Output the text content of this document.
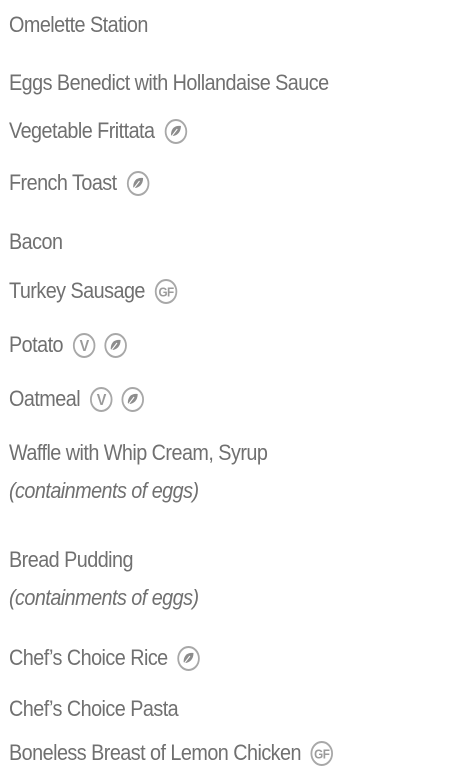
Omelette Station
Eggs Benedict with Hollandaise Sauce
Vegetable Frittata
French Toast
Bacon
Turkey Sausage GF
Potato V
Oatmeal V
Waffle with Whip Cream, Syrup
(containments of eggs)
Bread Pudding
(containments of eggs)
Chef’s Choice Rice
Chef’s Choice Pasta
Boneless Breast of Lemon Chicken GF
